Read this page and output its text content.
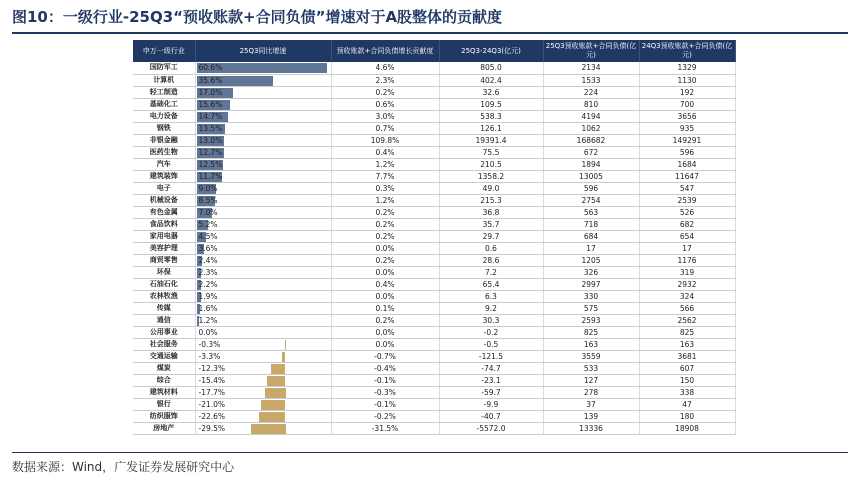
图10：一级行业-25Q3“预收账款+合同负债”增速对于A股整体的贡献度
申万一级行业	25Q3同比增速	预收账款+合同负债增长贡献度	25Q3-24Q3(亿元)	25Q3预收账款+合同负债(亿元)	24Q3预收账款+合同负债(亿元)
国防军工	60.6%	4.6%	805.0	2134	1329
计算机	35.6%	2.3%	402.4	1533	1130
轻工制造	17.0%	0.2%	32.6	224	192
基础化工	15.6%	0.6%	109.5	810	700
电力设备	14.7%	3.0%	538.3	4194	3656
钢铁	13.5%	0.7%	126.1	1062	935
非银金融	13.0%	109.8%	19391.4	168682	149291
医药生物	12.7%	0.4%	75.5	672	596
汽车	12.5%	1.2%	210.5	1894	1684
建筑装饰	11.7%	7.7%	1358.2	13005	11647
电子	9.0%	0.3%	49.0	596	547
机械设备	8.5%	1.2%	215.3	2754	2539
有色金属	7.0%	0.2%	36.8	563	526
食品饮料	5.2%	0.2%	35.7	718	682
家用电器	4.5%	0.2%	29.7	684	654
美容护理	3.6%	0.0%	0.6	17	17
商贸零售	2.4%	0.2%	28.6	1205	1176
环保	2.3%	0.0%	7.2	326	319
石油石化	2.2%	0.4%	65.4	2997	2932
农林牧渔	1.9%	0.0%	6.3	330	324
传媒	1.6%	0.1%	9.2	575	566
通信	1.2%	0.2%	30.3	2593	2562
公用事业	0.0%	0.0%	-0.2	825	825
社会服务	-0.3%	0.0%	-0.5	163	163
交通运输	-3.3%	-0.7%	-121.5	3559	3681
煤炭	-12.3%	-0.4%	-74.7	533	607
综合	-15.4%	-0.1%	-23.1	127	150
建筑材料	-17.7%	-0.3%	-59.7	278	338
银行	-21.0%	-0.1%	-9.9	37	47
纺织服饰	-22.6%	-0.2%	-40.7	139	180
房地产	-29.5%	-31.5%	-5572.0	13336	18908
数据来源：Wind，广发证券发展研究中心
